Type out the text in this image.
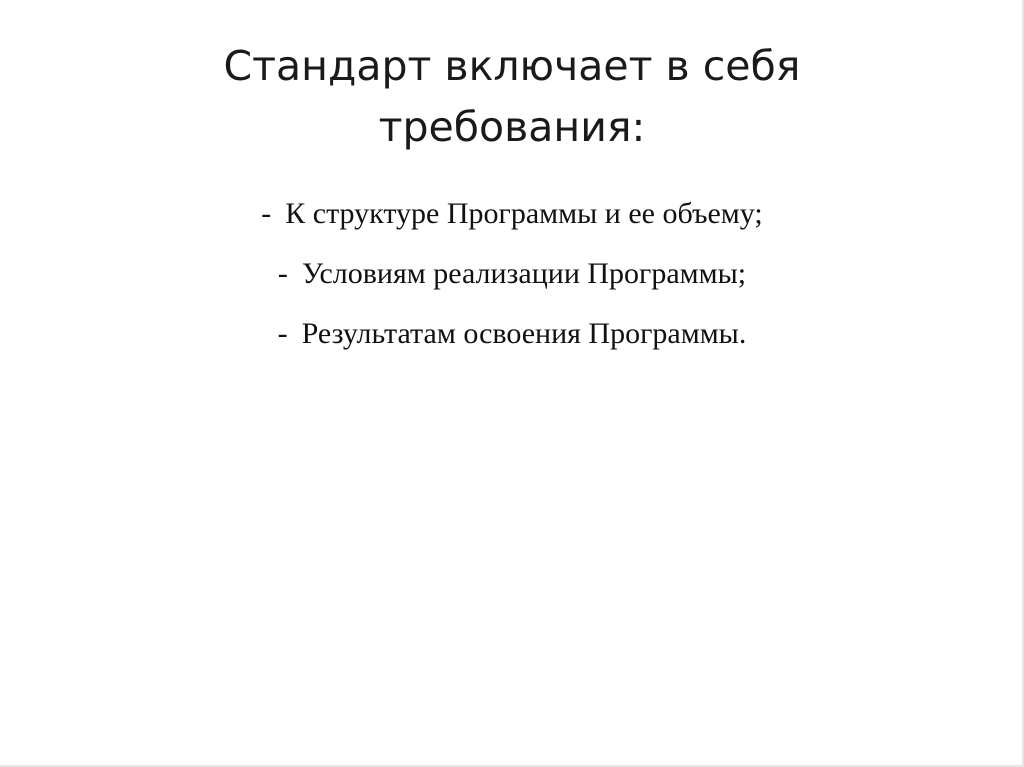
Стандарт включает в себя требования:
- К структуре Программы и ее объему;
- Условиям реализации Программы;
- Результатам освоения Программы.
